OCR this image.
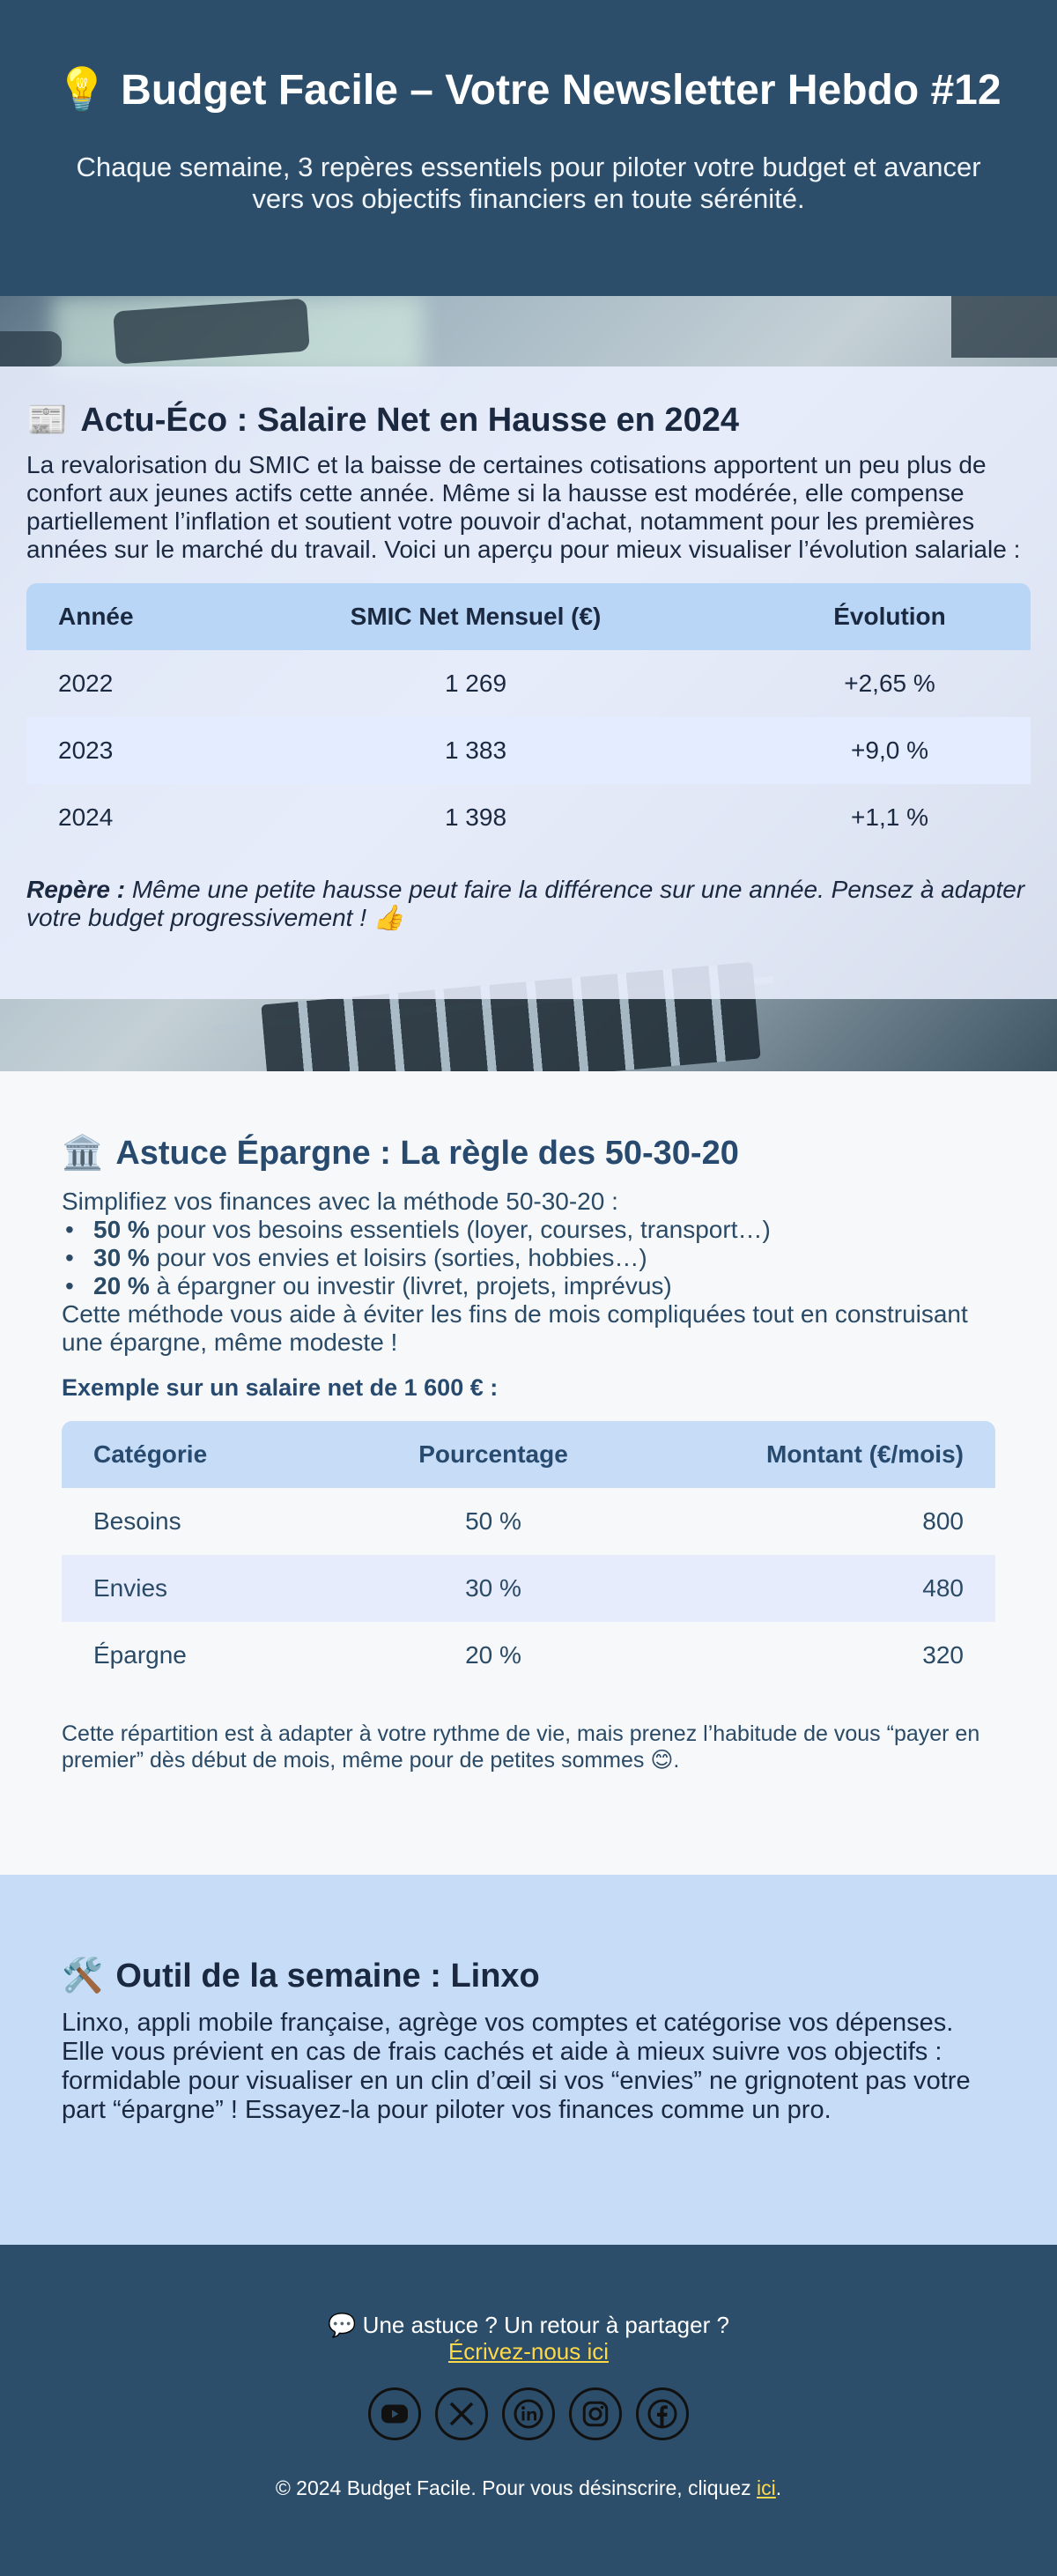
💡 Budget Facile – Votre Newsletter Hebdo #12

Chaque semaine, 3 repères essentiels pour piloter votre budget et avancer vers vos objectifs financiers en toute sérénité.

📰 Actu-Éco : Salaire Net en Hausse en 2024

La revalorisation du SMIC et la baisse de certaines cotisations apportent un peu plus de confort aux jeunes actifs cette année. Même si la hausse est modérée, elle compense partiellement l’inflation et soutient votre pouvoir d'achat, notamment pour les premières années sur le marché du travail. Voici un aperçu pour mieux visualiser l’évolution salariale :

Année	SMIC Net Mensuel (€)	Évolution
2022	1 269	+2,65 %
2023	1 383	+9,0 %
2024	1 398	+1,1 %

Repère : Même une petite hausse peut faire la différence sur une année. Pensez à adapter votre budget progressivement ! 👍

🏛️ Astuce Épargne : La règle des 50-30-20

Simplifiez vos finances avec la méthode 50-30-20 :

• 50 % pour vos besoins essentiels (loyer, courses, transport…)
• 30 % pour vos envies et loisirs (sorties, hobbies…)
• 20 % à épargner ou investir (livret, projets, imprévus)

Cette méthode vous aide à éviter les fins de mois compliquées tout en construisant une épargne, même modeste !

Exemple sur un salaire net de 1 600 € :

Catégorie	Pourcentage	Montant (€/mois)
Besoins	50 %	800
Envies	30 %	480
Épargne	20 %	320

Cette répartition est à adapter à votre rythme de vie, mais prenez l’habitude de vous “payer en premier” dès début de mois, même pour de petites sommes 😊.

🛠️ Outil de la semaine : Linxo

Linxo, appli mobile française, agrège vos comptes et catégorise vos dépenses. Elle vous prévient en cas de frais cachés et aide à mieux suivre vos objectifs : formidable pour visualiser en un clin d’œil si vos “envies” ne grignotent pas votre part “épargne” ! Essayez-la pour piloter vos finances comme un pro.

💬 Une astuce ? Un retour à partager ?
Écrivez-nous ici

© 2024 Budget Facile. Pour vous désinscrire, cliquez ici.
